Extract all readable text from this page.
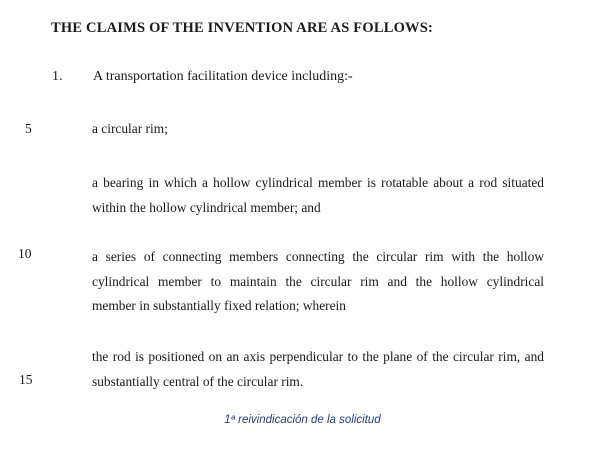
THE CLAIMS OF THE INVENTION ARE AS FOLLOWS:
1. A transportation facilitation device including:-
5
10
15
a circular rim;
a bearing in which a hollow cylindrical member is rotatable about a rod situated
within the hollow cylindrical member; and
a series of connecting members connecting the circular rim with the hollow
cylindrical member to maintain the circular rim and the hollow cylindrical
member in substantially fixed relation; wherein
the rod is positioned on an axis perpendicular to the plane of the circular rim, and
substantially central of the circular rim.
1ª reivindicación de la solicitud
